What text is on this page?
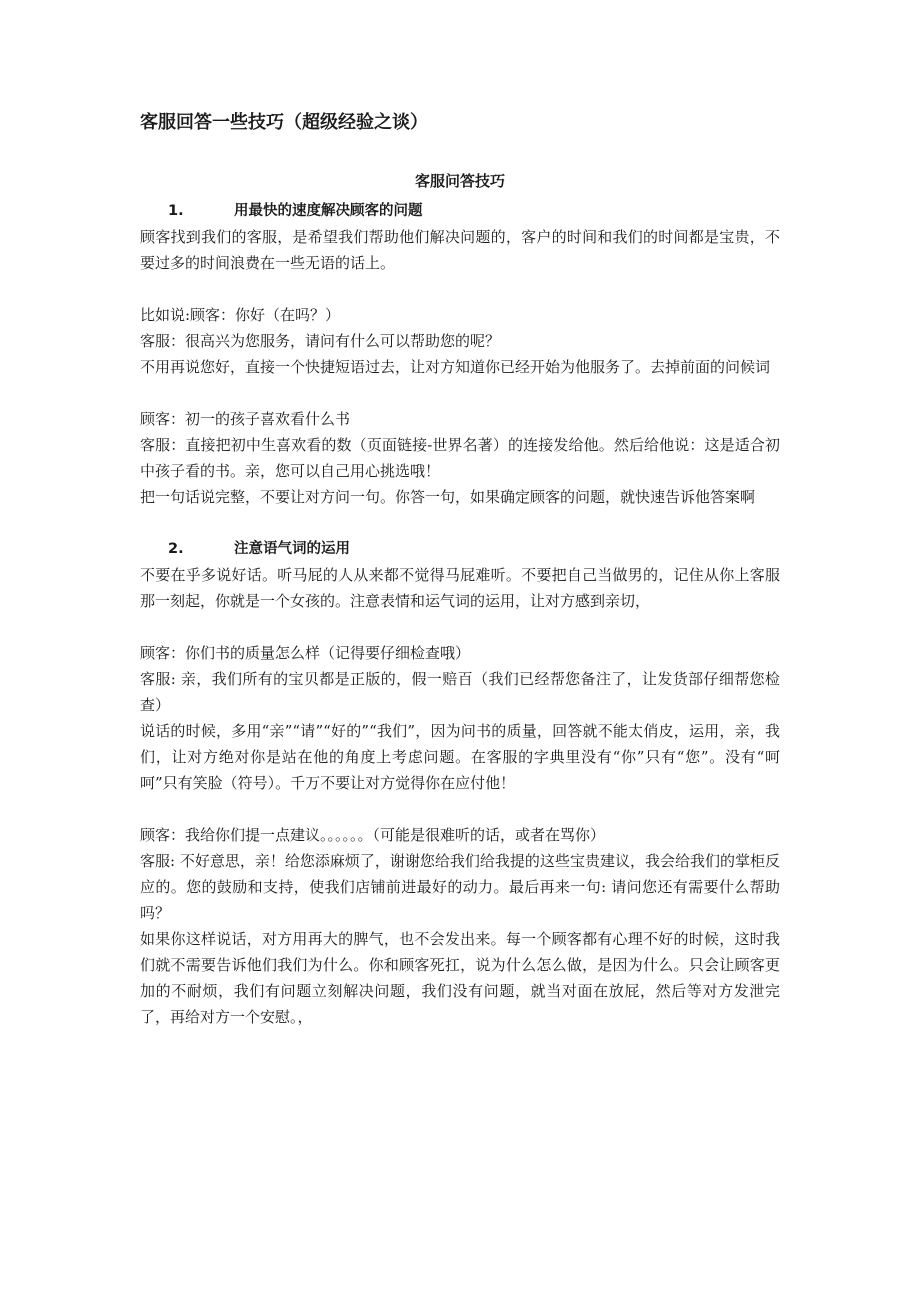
客服回答一些技巧（超级经验之谈）
客服问答技巧
1.	用最快的速度解决顾客的问题

顾客找到我们的客服，是希望我们帮助他们解决问题的，客户的时间和我们的时间都是宝贵，不要过多的时间浪费在一些无语的话上。

比如说:顾客：你好（在吗？）

客服：很高兴为您服务，请问有什么可以帮助您的呢？

不用再说您好，直接一个快捷短语过去，让对方知道你已经开始为他服务了。去掉前面的问候词

顾客：初一的孩子喜欢看什么书

客服：直接把初中生喜欢看的数（页面链接-世界名著）的连接发给他。然后给他说：这是适合初中孩子看的书。亲，您可以自己用心挑选哦！

把一句话说完整，不要让对方问一句。你答一句，如果确定顾客的问题，就快速告诉他答案啊

2.	注意语气词的运用

不要在乎多说好话。听马屁的人从来都不觉得马屁难听。不要把自己当做男的，记住从你上客服那一刻起，你就是一个女孩的。注意表情和运气词的运用，让对方感到亲切，

顾客：你们书的质量怎么样（记得要仔细检查哦）

客服: 亲，我们所有的宝贝都是正版的，假一赔百（我们已经帮您备注了，让发货部仔细帮您检查）

说话的时候，多用“亲”“请”“好的”“我们”，因为问书的质量，回答就不能太俏皮，运用，亲，我们，让对方绝对你是站在他的角度上考虑问题。在客服的字典里没有“你”只有“您”。没有“呵呵”只有笑脸（符号）。千万不要让对方觉得你在应付他！

顾客：我给你们提一点建议。。。。。。（可能是很难听的话，或者在骂你）

客服: 不好意思，亲！给您添麻烦了，谢谢您给我们给我提的这些宝贵建议，我会给我们的掌柜反应的。您的鼓励和支持，使我们店铺前进最好的动力。最后再来一句: 请问您还有需要什么帮助吗？

如果你这样说话，对方用再大的脾气，也不会发出来。每一个顾客都有心理不好的时候，这时我们就不需要告诉他们我们为什么。你和顾客死扛，说为什么怎么做，是因为什么。只会让顾客更加的不耐烦，我们有问题立刻解决问题，我们没有问题，就当对面在放屁，然后等对方发泄完了，再给对方一个安慰。，
